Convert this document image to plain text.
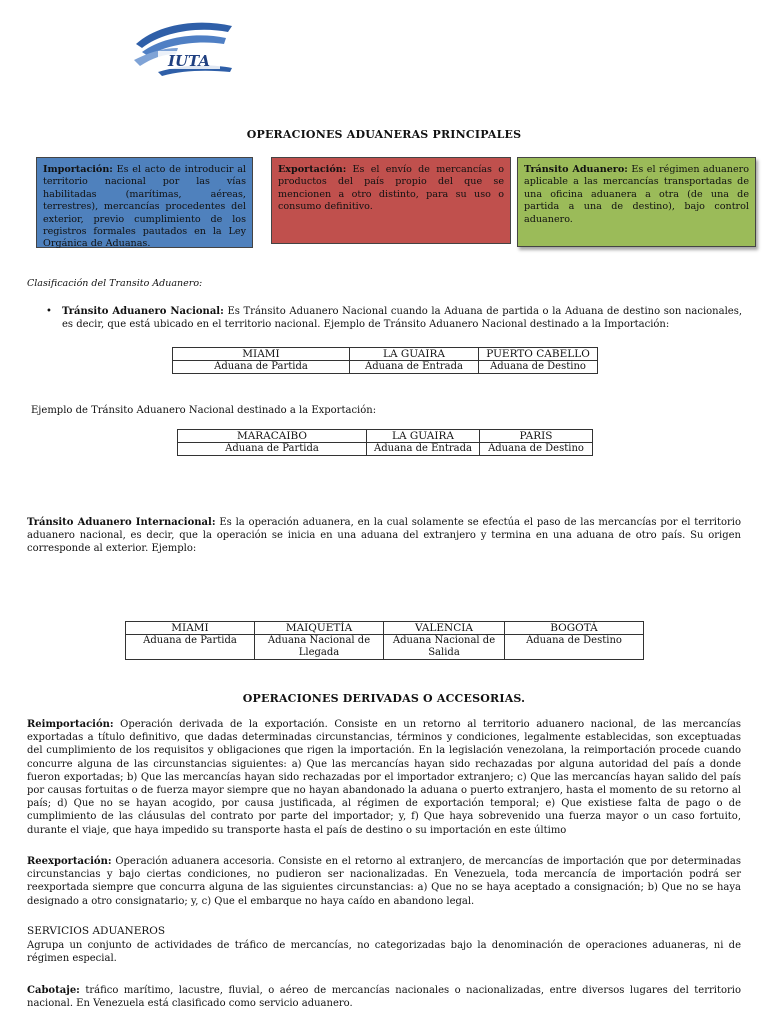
IUTA
OPERACIONES ADUANERAS PRINCIPALES
Importación: Es el acto de introducir al territorio nacional por las vías habilitadas (marítimas, aéreas, terrestres), mercancías procedentes del exterior, previo cumplimiento de los registros formales pautados en la Ley Orgánica de Aduanas.
Exportación: Es el envío de mercancías o productos del país propio del que se mencionen a otro distinto, para su uso o consumo definitivo.
Tránsito Aduanero: Es el régimen aduanero aplicable a las mercancías transportadas de una oficina aduanera a otra (de una de partida a una de destino), bajo control aduanero.
Clasificación del Transito Aduanero:
• Tránsito Aduanero Nacional: Es Tránsito Aduanero Nacional cuando la Aduana de partida o la Aduana de destino son nacionales, es decir, que está ubicado en el territorio nacional. Ejemplo de Tránsito Aduanero Nacional destinado a la Importación:
MIAMI	LA GUAIRA	PUERTO CABELLO
Aduana de Partida	Aduana de Entrada	Aduana de Destino
Ejemplo de Tránsito Aduanero Nacional destinado a la Exportación:
MARACAIBO	LA GUAIRA	PARIS
Aduana de Partida	Aduana de Entrada	Aduana de Destino
Tránsito Aduanero Internacional: Es la operación aduanera, en la cual solamente se efectúa el paso de las mercancías por el territorio aduanero nacional, es decir, que la operación se inicia en una aduana del extranjero y termina en una aduana de otro país. Su origen corresponde al exterior. Ejemplo:
MIAMI	MAIQUETÍA	VALENCIA	BOGOTÁ
Aduana de Partida	Aduana Nacional de Llegada	Aduana Nacional de Salida	Aduana de Destino
OPERACIONES DERIVADAS O ACCESORIAS.
Reimportación: Operación derivada de la exportación. Consiste en un retorno al territorio aduanero nacional, de las mercancías exportadas a título definitivo, que dadas determinadas circunstancias, términos y condiciones, legalmente establecidas, son exceptuadas del cumplimiento de los requisitos y obligaciones que rigen la importación. En la legislación venezolana, la reimportación procede cuando concurre alguna de las circunstancias siguientes: a) Que las mercancías hayan sido rechazadas por alguna autoridad del país a donde fueron exportadas; b) Que las mercancías hayan sido rechazadas por el importador extranjero; c) Que las mercancías hayan salido del país por causas fortuitas o de fuerza mayor siempre que no hayan abandonado la aduana o puerto extranjero, hasta el momento de su retorno al país; d) Que no se hayan acogido, por causa justificada, al régimen de exportación temporal; e) Que existiese falta de pago o de cumplimiento de las cláusulas del contrato por parte del importador; y, f) Que haya sobrevenido una fuerza mayor o un caso fortuito, durante el viaje, que haya impedido su transporte hasta el país de destino o su importación en este último
Reexportación: Operación aduanera accesoria. Consiste en el retorno al extranjero, de mercancías de importación que por determinadas circunstancias y bajo ciertas condiciones, no pudieron ser nacionalizadas. En Venezuela, toda mercancía de importación podrá ser reexportada siempre que concurra alguna de las siguientes circunstancias: a) Que no se haya aceptado a consignación; b) Que no se haya designado a otro consignatario; y, c) Que el embarque no haya caído en abandono legal.
SERVICIOS ADUANEROS
Agrupa un conjunto de actividades de tráfico de mercancías, no categorizadas bajo la denominación de operaciones aduaneras, ni de régimen especial.
Cabotaje: tráfico marítimo, lacustre, fluvial, o aéreo de mercancías nacionales o nacionalizadas, entre diversos lugares del territorio nacional. En Venezuela está clasificado como servicio aduanero.
